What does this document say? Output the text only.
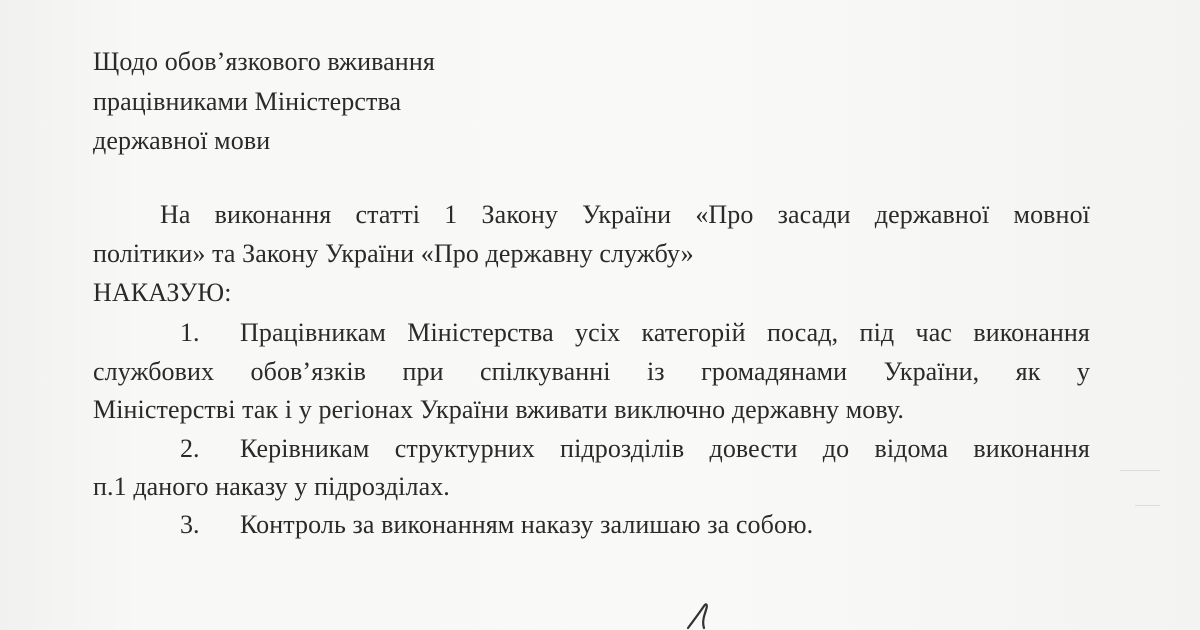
Щодо обов’язкового вживання
працівниками Міністерства
державної мови
На виконання статті 1 Закону України «Про засади державної мовної
політики» та Закону України «Про державну службу»
НАКАЗУЮ:
1. Працівникам Міністерства усіх категорій посад, під час виконання
службових обов’язків при спілкуванні із громадянами України, як у
Міністерстві так і у регіонах України вживати виключно державну мову.
2. Керівникам структурних підрозділів довести до відома виконання
п.1 даного наказу у підрозділах.
3. Контроль за виконанням наказу залишаю за собою.
